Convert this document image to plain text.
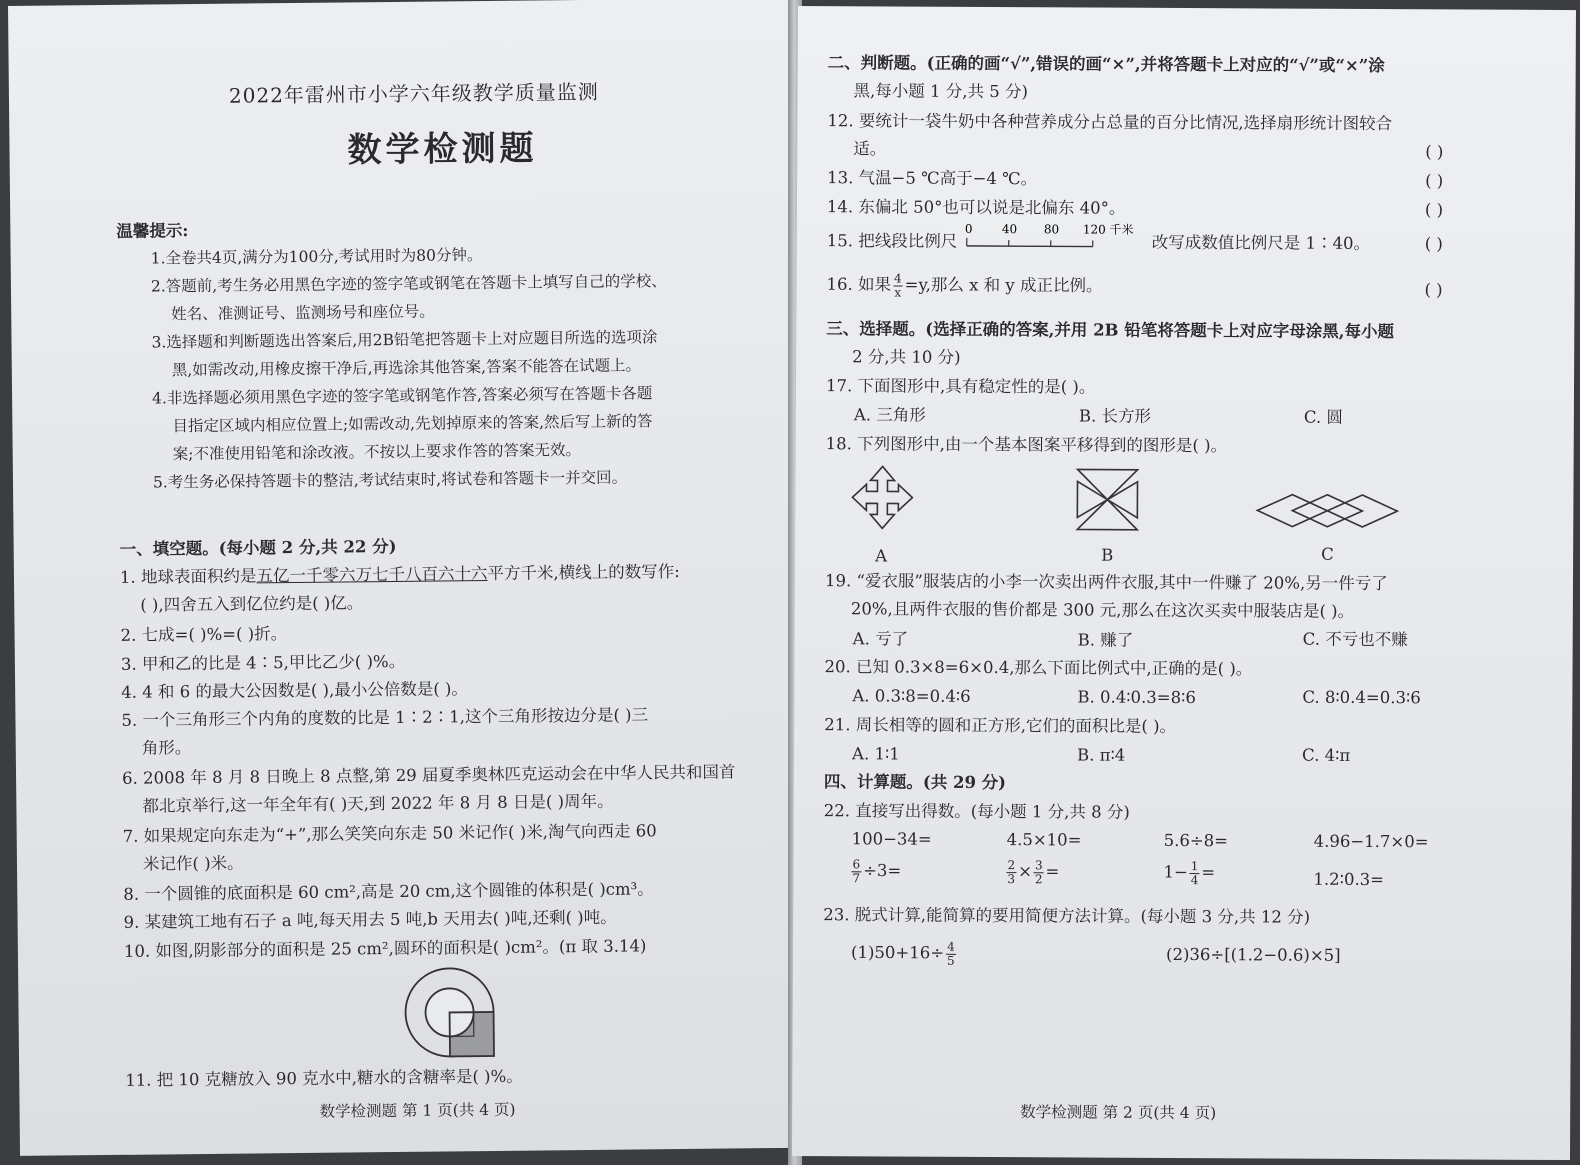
2022年雷州市小学六年级教学质量监测
数学检测题
温馨提示:
1.全卷共4页,满分为100分,考试用时为80分钟。
2.答题前,考生务必用黑色字迹的签字笔或钢笔在答题卡上填写自己的学校、
姓名、准测证号、监测场号和座位号。
3.选择题和判断题选出答案后,用2B铅笔把答题卡上对应题目所选的选项涂
黑,如需改动,用橡皮擦干净后,再选涂其他答案,答案不能答在试题上。
4.非选择题必须用黑色字迹的签字笔或钢笔作答,答案必须写在答题卡各题
目指定区域内相应位置上;如需改动,先划掉原来的答案,然后写上新的答
案;不准使用铅笔和涂改液。不按以上要求作答的答案无效。
5.考生务必保持答题卡的整洁,考试结束时,将试卷和答题卡一并交回。
一、填空题。(每小题 2 分,共 22 分)
1. 地球表面积约是五亿一千零六万七千八百六十六平方千米,横线上的数写作:
( ),四舍五入到亿位约是( )亿。
2. 七成=( )%=( )折。
3. 甲和乙的比是 4∶5,甲比乙少( )%。
4. 4 和 6 的最大公因数是( ),最小公倍数是( )。
5. 一个三角形三个内角的度数的比是 1∶2∶1,这个三角形按边分是( )三
角形。
6. 2008 年 8 月 8 日晚上 8 点整,第 29 届夏季奥林匹克运动会在中华人民共和国首
都北京举行,这一年全年有( )天,到 2022 年 8 月 8 日是( )周年。
7. 如果规定向东走为“+”,那么笑笑向东走 50 米记作( )米,淘气向西走 60
米记作( )米。
8. 一个圆锥的底面积是 60 cm²,高是 20 cm,这个圆锥的体积是( )cm³。
9. 某建筑工地有石子 a 吨,每天用去 5 吨,b 天用去( )吨,还剩( )吨。
10. 如图,阴影部分的面积是 25 cm²,圆环的面积是( )cm²。(π 取 3.14)
11. 把 10 克糖放入 90 克水中,糖水的含糖率是( )%。
数学检测题 第 1 页(共 4 页)
二、判断题。(正确的画“√”,错误的画“×”,并将答题卡上对应的“√”或“×”涂
黑,每小题 1 分,共 5 分)
12. 要统计一袋牛奶中各种营养成分占总量的百分比情况,选择扇形统计图较合
适。	( )
13. 气温−5 ℃高于−4 ℃。	( )
14. 东偏北 50°也可以说是北偏东 40°。	( )
15. 把线段比例尺
0 40 80 120 千米
改写成数值比例尺是 1∶40。	( )
16. 如果 $\frac{4}{x} =y$,那么 x 和 y 成正比例。	( )
三、选择题。(选择正确的答案,并用 2B 铅笔将答题卡上对应字母涂黑,每小题
2 分,共 10 分)
17. 下面图形中,具有稳定性的是( )。
A. 三角形	B. 长方形	C. 圆
18. 下列图形中,由一个基本图案平移得到的图形是( )。
A	B	C
19. “爱衣服”服装店的小李一次卖出两件衣服,其中一件赚了 20%,另一件亏了
20%,且两件衣服的售价都是 300 元,那么在这次买卖中服装店是( )。
A. 亏了	B. 赚了	C. 不亏也不赚
20. 已知 0.3×8=6×0.4,那么下面比例式中,正确的是( )。
A. 0.3∶8=0.4∶6	B. 0.4∶0.3=8∶6	C. 8∶0.4=0.3∶6
21. 周长相等的圆和正方形,它们的面积比是( )。
A. 1∶1	B. π∶4	C. 4∶π
四、计算题。(共 29 分)
22. 直接写出得数。(每小题 1 分,共 8 分)
100−34=	4.5×10=	5.6÷8=	4.96−1.7×0=
$\frac{6}{7} \div 3=$	$\frac{2}{3} \times \frac{3}{2}$ =	$1- \frac{1}{4}$ =	1.2∶0.3=
23. 脱式计算,能简算的要用简便方法计算。(每小题 3 分,共 12 分)
$(1)50+16\div \frac{4}{5}$	(2)36÷[(1.2−0.6)×5]
数学检测题 第 2 页(共 4 页)
